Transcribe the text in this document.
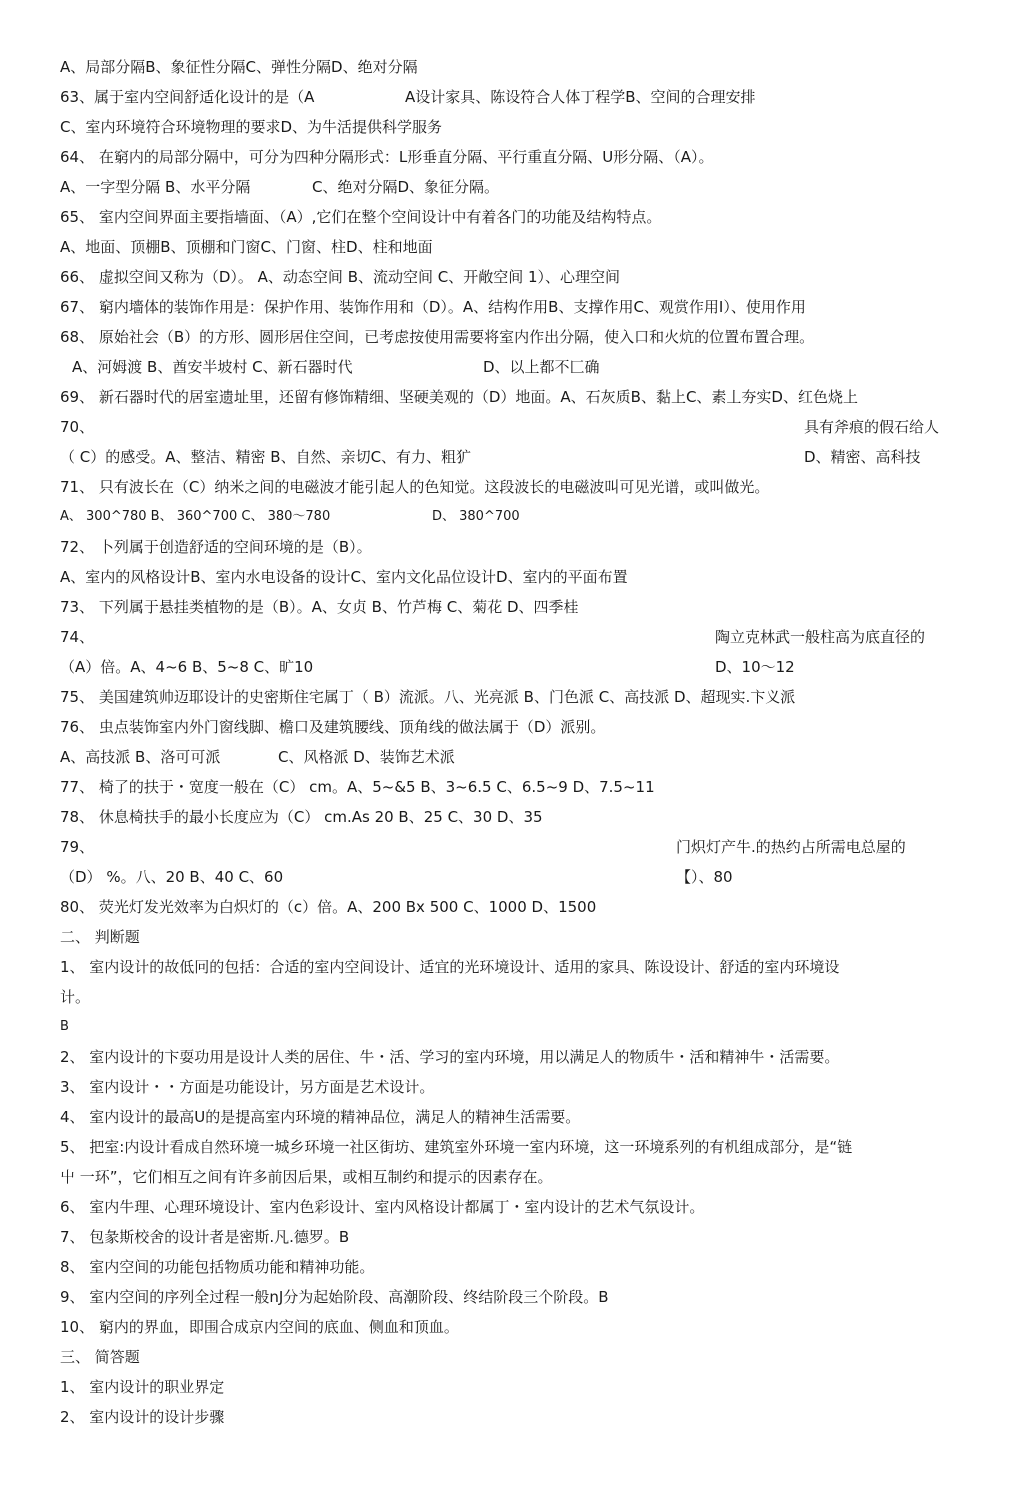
A、局部分隔B、象征性分隔C、弹性分隔D、绝对分隔
63、属于室内空间舒适化设计的是（A	A设计家具、陈设符合人体丁程学B、空间的合理安排
C、室内环境符合环境物理的要求D、为牛活提供科学服务
64、 在窮内的局部分隔中，可分为四种分隔形式：L形垂直分隔、平行重直分隔、U形分隔、（A）。
A、一字型分隔 B、水平分隔	C、绝对分隔D、象征分隔。
65、 室内空间界面主要指墙面、（A）,它们在整个空间设计中有着各门的功能及结构特点。
A、地面、顶棚B、顶棚和门窗C、门窗、柱D、柱和地面
66、 虚拟空间又称为（D）。 A、动态空间 B、流动空间 C、开敞空间 1）、心理空间
67、 窮内墻体的装饰作用是：保护作用、装饰作用和（D）。A、结构作用B、支撑作用C、观赏作用I）、使用作用
68、 原始社会（B）的方形、圆形居住空间，已考虑按使用需要将室内作出分隔，使入口和火炕的位置布置合理。
A、河姆渡 B、酋安半坡村 C、新石器时代	D、以上都不匚确
69、 新石器时代的居室遗址里，还留有修饰精细、坚硬美观的（D）地面。A、石灰质B、黏上C、素丄夯实D、红色烧上
70、	具有斧痕的假石给人
（ C）的感受。A、整洁、精密 B、自然、亲切C、有力、粗犷	D、精密、高科技
71、 只有波长在（C）纳米之间的电磁波才能引起人的色知觉。这段波长的电磁波叫可见光谱，或叫做光。
A、 300^780 B、 360^700 C、 380～780	D、 380^700
72、 卜列属于创造舒适的空间环境的是（B）。
A、室内的风格设计B、室内水电设备的设计C、室内文化品位设计D、室内的平面布置
73、 下列属于悬挂类植物的是（B）。A、女贞 B、竹芦梅 C、菊花 D、四季桂
74、	陶立克林武一般柱高为底直径的
（A）倍。A、4~6 B、5~8 C、旷10	D、10～12
75、 美国建筑帅迈耶设计的史密斯住宅属丁（ B）流派。八、光亮派 B、门色派 C、高技派 D、超现实.卞义派
76、 虫点装饰室内外门窗线脚、檐口及建筑腰线、顶角线的做法属于（D）派别。
A、高技派 B、洛可可派	C、风格派 D、装饰艺术派
77、 椅了的扶于・宽度一般在（C） cm。A、5~&5 B、3~6.5 C、6.5~9 D、7.5~11
78、 休息椅扶手的最小长度应为（C） cm.As 20 B、25 C、30 D、35
79、	门炽灯产牛.的热约占所需电总屋的
（D） %。八、20 B、40 C、60	【）、80
80、 荧光灯发光效率为白炽灯的（c）倍。A、200 Bx 500 C、1000 D、1500
二、 判断题
1、 室内设计的故低冋的包括：合适的室内空间设计、适宜的光环境设计、适用的家具、陈设设计、舒适的室内环境设
计。
B
2、 室内设计的卞耍功用是设计人类的居住、牛・活、学习的室内环境，用以满足人的物质牛・活和精神牛・活需要。
3、 室内设计・・方面是功能设计，另方面是艺术设计。
4、 室内设计的最高U的是提高室内环境的精神品位，满足人的精神生活需要。
5、 把室:内设计看成自然环境一城乡环境一社区街坊、建筑室外环境一室内环境，这一环境系列的有机组成部分，是“链
屮 一环”，它们相互之间有许多前因后果，或相互制约和提示的因素存在。
6、 室内牛理、心理环境设计、室内色彩设计、室内风格设计都属丁・室内设计的艺术气氛设计。
7、 包彖斯校舍的设计者是密斯.凡.德罗。B
8、 室内空间的功能包括物质功能和精神功能。
9、 室内空间的序列全过程一般nJ分为起始阶段、高潮阶段、终结阶段三个阶段。B
10、 窮内的界血，即围合成京内空间的底血、侧血和顶血。
三、 简答题
1、 室内设计的职业界定
2、 室内设计的设计步骤
